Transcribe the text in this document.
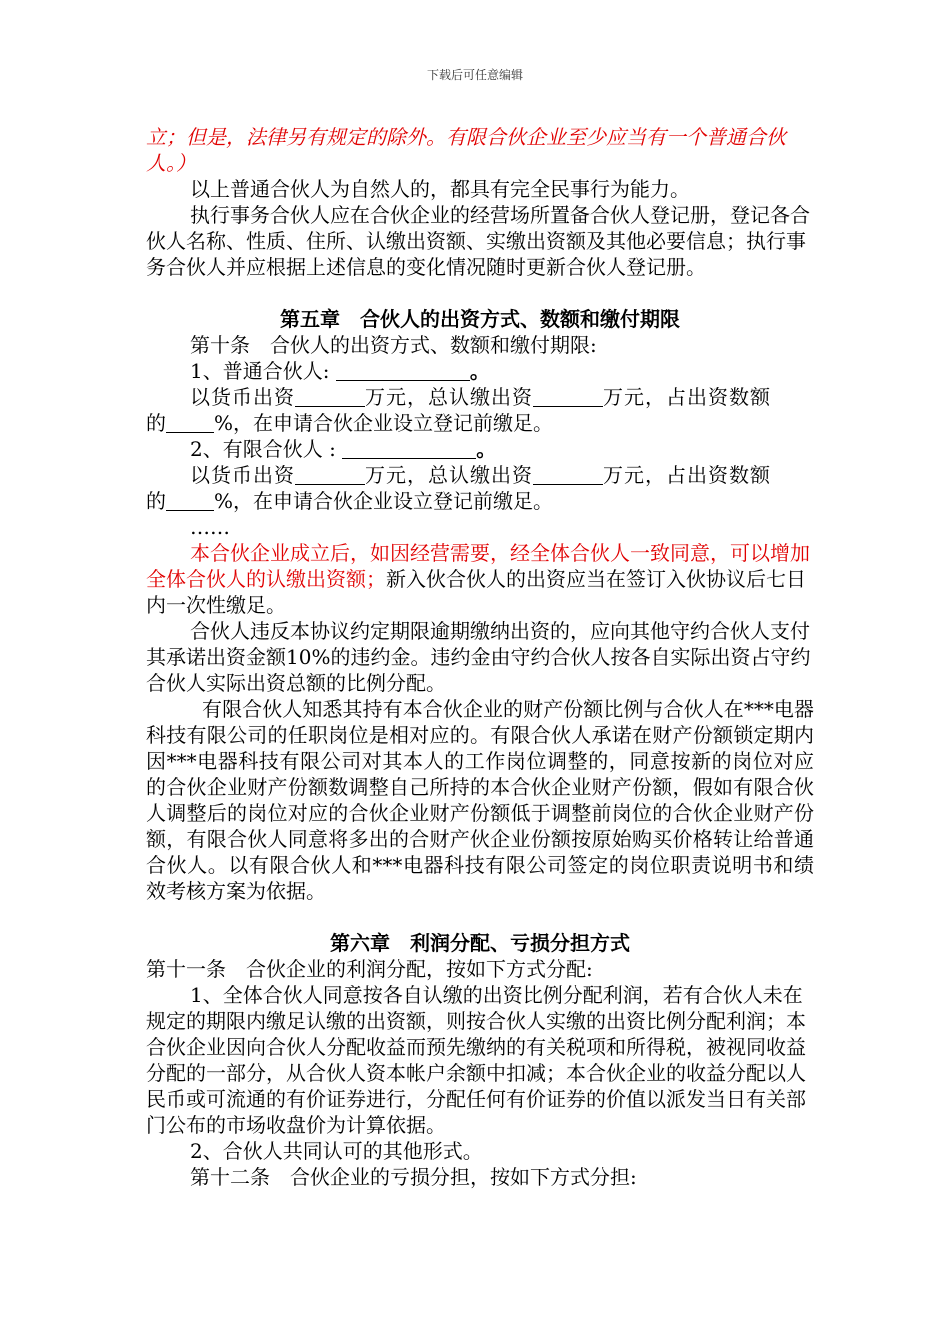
下载后可任意编辑

立；但是，法律另有规定的除外。有限合伙企业至少应当有一个普通合伙人。）

以上普通合伙人为自然人的，都具有完全民事行为能力。

执行事务合伙人应在合伙企业的经营场所置备合伙人登记册，登记各合伙人名称、性质、住所、认缴出资额、实缴出资额及其他必要信息；执行事务合伙人并应根据上述信息的变化情况随时更新合伙人登记册。

第五章　合伙人的出资方式、数额和缴付期限

第十条　合伙人的出资方式、数额和缴付期限:

1、普通合伙人:	。

以货币出资	万元，总认缴出资	万元，占出资数额

的 %，在申请合伙企业设立登记前缴足。

2、有限合伙人 :	。

以货币出资	万元，总认缴出资	万元，占出资数额

的 %，在申请合伙企业设立登记前缴足。

……

本合伙企业成立后，如因经营需要，经全体合伙人一致同意，可以增加全体合伙人的认缴出资额；新入伙合伙人的出资应当在签订入伙协议后七日内一次性缴足。

合伙人违反本协议约定期限逾期缴纳出资的，应向其他守约合伙人支付其承诺出资金额10%的违约金。违约金由守约合伙人按各自实际出资占守约合伙人实际出资总额的比例分配。

有限合伙人知悉其持有本合伙企业的财产份额比例与合伙人在***电器科技有限公司的任职岗位是相对应的。有限合伙人承诺在财产份额锁定期内因***电器科技有限公司对其本人的工作岗位调整的，同意按新的岗位对应的合伙企业财产份额数调整自己所持的本合伙企业财产份额，假如有限合伙人调整后的岗位对应的合伙企业财产份额低于调整前岗位的合伙企业财产份额，有限合伙人同意将多出的合财产伙企业份额按原始购买价格转让给普通合伙人。以有限合伙人和***电器科技有限公司签定的岗位职责说明书和绩效考核方案为依据。

第六章　利润分配、亏损分担方式

第十一条　合伙企业的利润分配，按如下方式分配:

1、全体合伙人同意按各自认缴的出资比例分配利润，若有合伙人未在规定的期限内缴足认缴的出资额，则按合伙人实缴的出资比例分配利润；本合伙企业因向合伙人分配收益而预先缴纳的有关税项和所得税，被视同收益分配的一部分，从合伙人资本帐户余额中扣减；本合伙企业的收益分配以人民币或可流通的有价证券进行，分配任何有价证券的价值以派发当日有关部门公布的市场收盘价为计算依据。

2、合伙人共同认可的其他形式。

第十二条　合伙企业的亏损分担，按如下方式分担:
